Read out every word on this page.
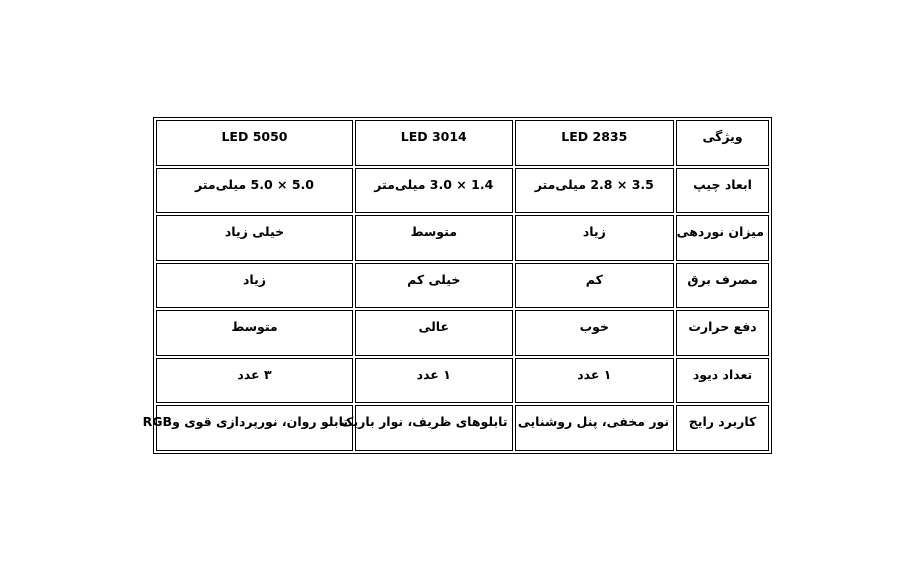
ویژگی	LED 2835	LED 3014	LED 5050
ابعاد چیپ	3.5 × 2.8 میلی‌متر	1.4 × 3.0 میلی‌متر	5.0 × 5.0 میلی‌متر
میزان نوردهی	زیاد	متوسط	خیلی زیاد
مصرف برق	کم	خیلی کم	زیاد
دفع حرارت	خوب	عالی	متوسط
تعداد دیود	۱ عدد	۱ عدد	۳ عدد
کاربرد رایج	نور مخفی، پنل روشنایی	تابلوهای ظریف، نوار باریک	تابلو روان، نورپردازی قوی وRGB
